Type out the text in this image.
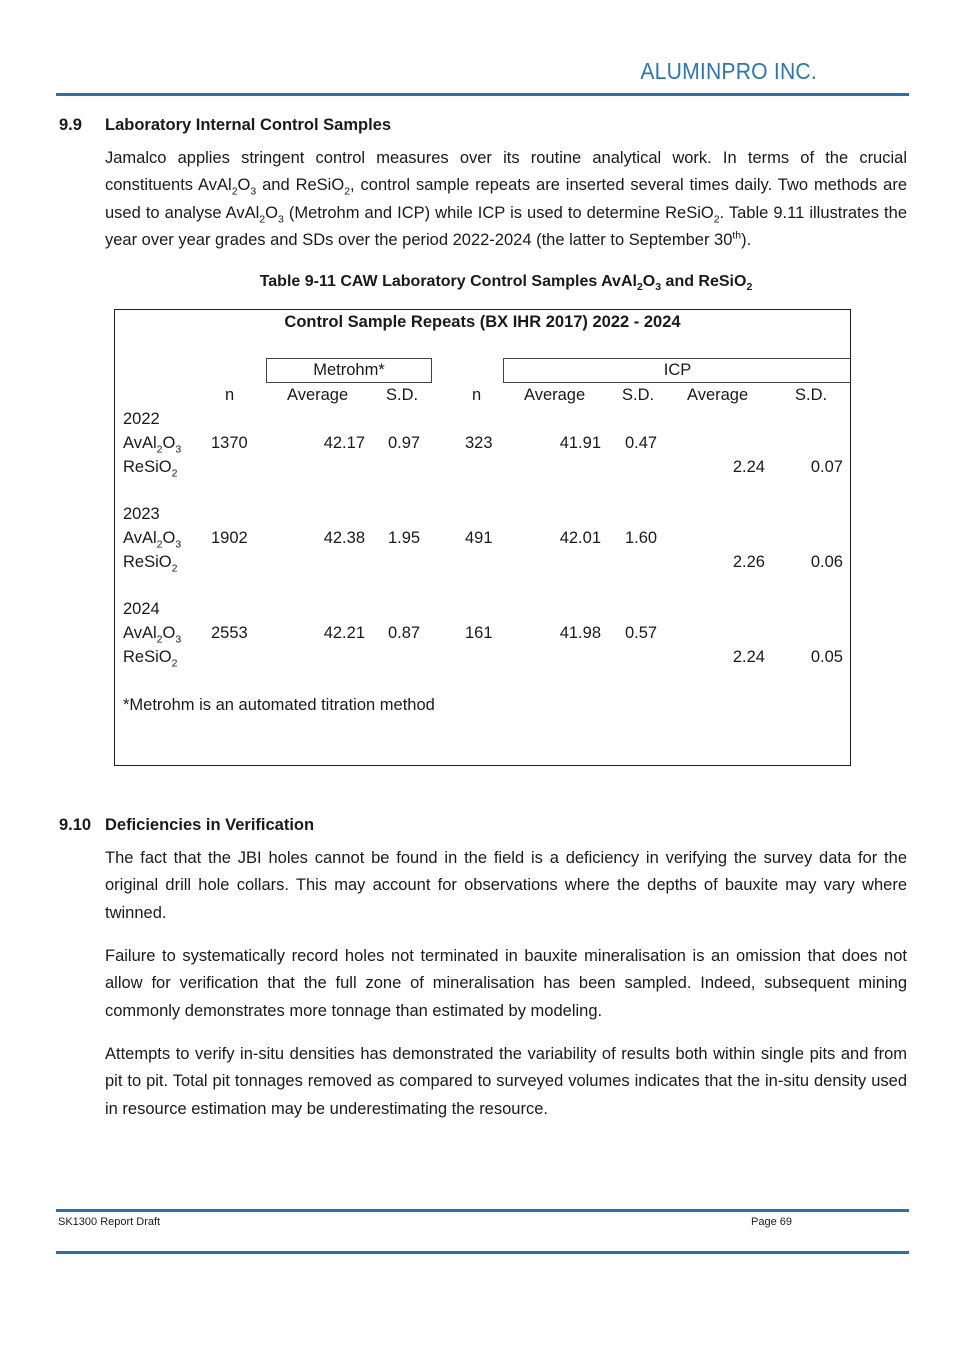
ALUMINPRO INC.
9.9 Laboratory Internal Control Samples

Jamalco applies stringent control measures over its routine analytical work. In terms of the crucial constituents $AvAl_2O_3$ and ReSiO$_2$, control sample repeats are inserted several times daily. Two methods are used to analyse $AvAl_2O_3$ (Metrohm and ICP) while ICP is used to determine ReSiO$_2$. Table 9.11 illustrates the year over year grades and SDs over the period 2022-2024 (the latter to September 30th).

Table 9-11 CAW Laboratory Control Samples $AvAl_2O_3$ and ReSiO$_2$
Control Sample Repeats (BX IHR 2017) 2022 - 2024
Metrohm*	ICP
n	Average S.D.	n	Average S.D. Average	S.D.
2022
$AvAl_2O_3$ 1370	42.17 0.97	323	41.91 0.47
ReSiO$_2$	2.24	0.07
2023
$AvAl_2O_3$ 1902	42.38 1.95	491	42.01 1.60
ReSiO$_2$	2.26	0.06
2024
$AvAl_2O_3$ 2553	42.21 0.87	161	41.98 0.57
ReSiO$_2$	2.24	0.05
*Metrohm is an automated titration method
9.10 Deficiencies in Verification

The fact that the JBI holes cannot be found in the field is a deficiency in verifying the survey data for the original drill hole collars. This may account for observations where the depths of bauxite may vary where twinned.

Failure to systematically record holes not terminated in bauxite mineralisation is an omission that does not allow for verification that the full zone of mineralisation has been sampled. Indeed, subsequent mining commonly demonstrates more tonnage than estimated by modeling.

Attempts to verify in-situ densities has demonstrated the variability of results both within single pits and from pit to pit. Total pit tonnages removed as compared to surveyed volumes indicates that the in-situ density used in resource estimation may be underestimating the resource.

SK1300 Report Draft	Page 69
